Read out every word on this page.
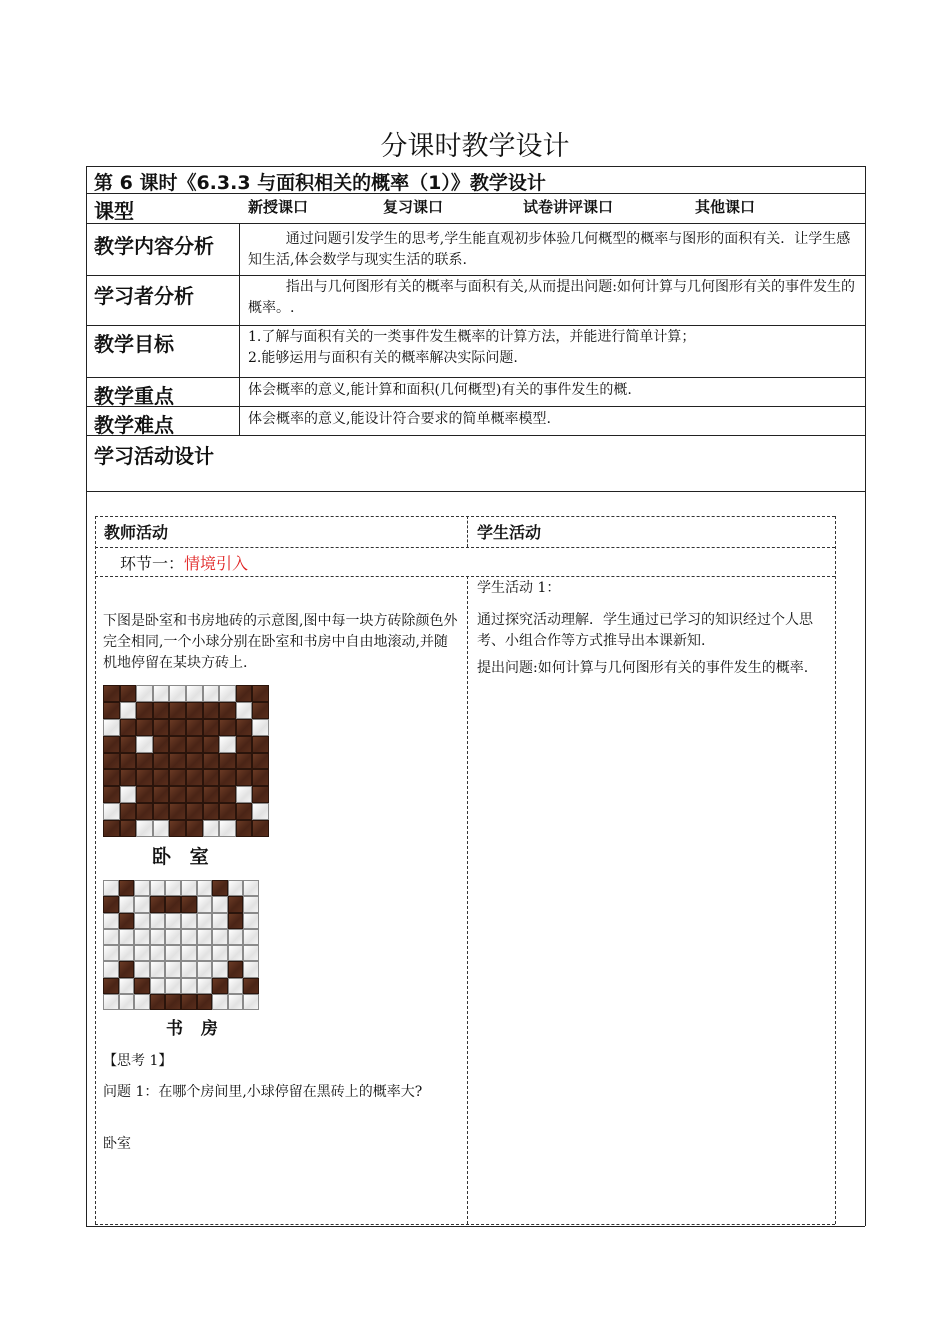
分课时教学设计
第 6 课时《6.3.3 与面积相关的概率（1）》教学设计
课型	新授课口	复习课口	试卷讲评课口	其他课口
教学内容分析	通过问题引发学生的思考,学生能直观初步体验几何概型的概率与图形的面积有关．让学生感知生活,体会数学与现实生活的联系.
学习者分析	指出与几何图形有关的概率与面积有关,从而提出问题:如何计算与几何图形有关的事件发生的概率。.
教学目标	1.了解与面积有关的一类事件发生概率的计算方法，并能进行简单计算；
2.能够运用与面积有关的概率解决实际问题.
教学重点	体会概率的意义,能计算和面积(几何概型)有关的事件发生的概.
教学难点	体会概率的意义,能设计符合要求的简单概率模型.
学习活动设计
教师活动	学生活动
环节一：情境引入
下图是卧室和书房地砖的示意图,图中每一块方砖除颜色外完全相同,一个小球分别在卧室和书房中自由地滚动,并随机地停留在某块方砖上.
卧 室
书 房
【思考 1】
问题 1：在哪个房间里,小球停留在黑砖上的概率大?
卧室
学生活动 1：
通过探究活动理解．学生通过已学习的知识经过个人思考、小组合作等方式推导出本课新知.
提出问题:如何计算与几何图形有关的事件发生的概率.
